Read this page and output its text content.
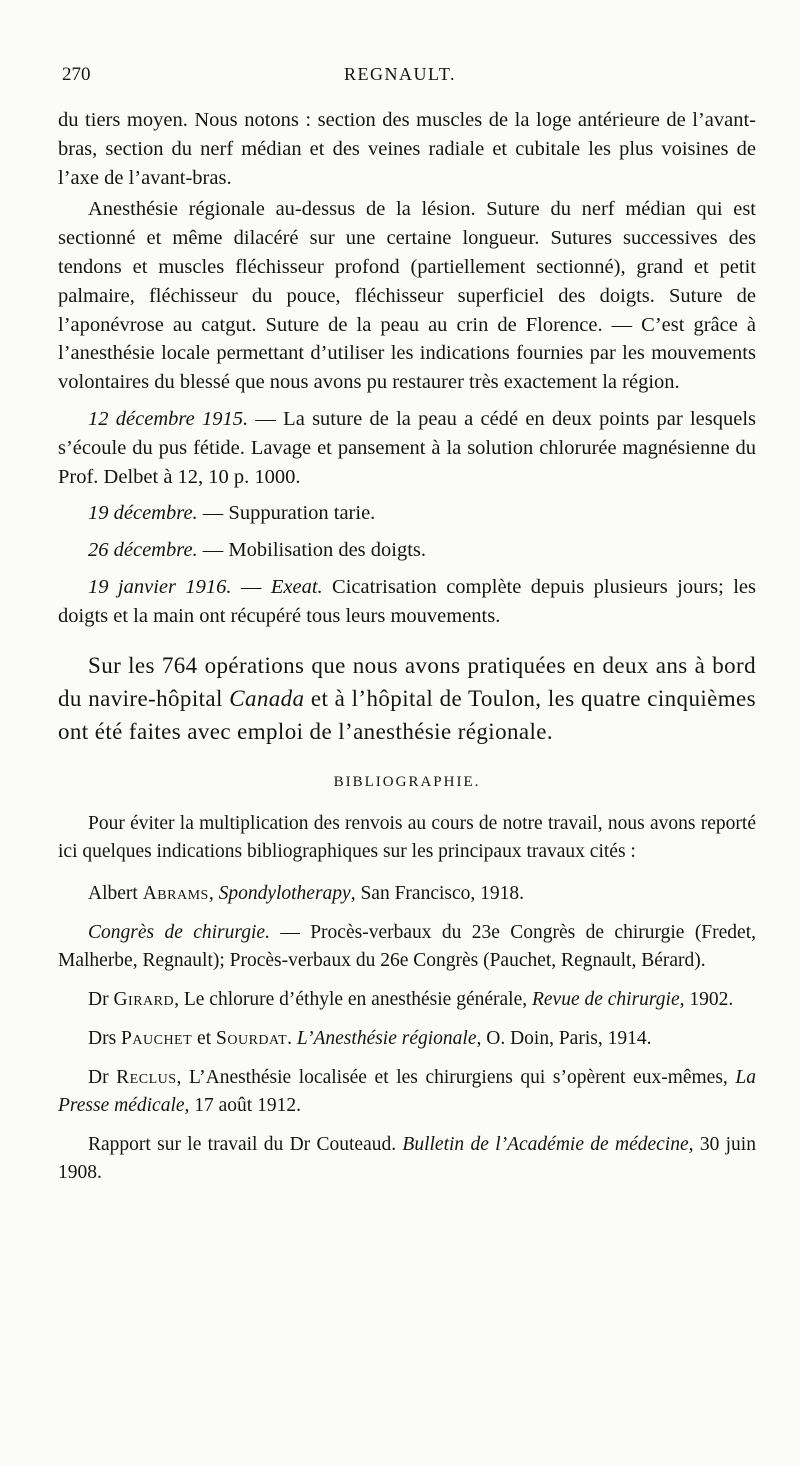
270	REGNAULT.

du tiers moyen. Nous notons : section des muscles de la loge antérieure de l’avant-bras, section du nerf médian et des veines radiale et cubitale les plus voisines de l’axe de l’avant-bras.

Anesthésie régionale au-dessus de la lésion. Suture du nerf médian qui est sectionné et même dilacéré sur une certaine longueur. Sutures successives des tendons et muscles fléchisseur profond (partiellement sectionné), grand et petit palmaire, fléchisseur du pouce, fléchisseur superficiel des doigts. Suture de l’aponévrose au catgut. Suture de la peau au crin de Florence. — C’est grâce à l’anesthésie locale permettant d’utiliser les indications fournies par les mouvements volontaires du blessé que nous avons pu restaurer très exactement la région.

12 décembre 1915. — La suture de la peau a cédé en deux points par lesquels s’écoule du pus fétide. Lavage et pansement à la solution chlorurée magnésienne du Prof. Delbet à 12, 10 p. 1000.

19 décembre. — Suppuration tarie.

26 décembre. — Mobilisation des doigts.

19 janvier 1916. — Exeat. Cicatrisation complète depuis plusieurs jours; les doigts et la main ont récupéré tous leurs mouvements.

Sur les 764 opérations que nous avons pratiquées en deux ans à bord du navire-hôpital Canada et à l’hôpital de Toulon, les quatre cinquièmes ont été faites avec emploi de l’anesthésie régionale.

BIBLIOGRAPHIE.

Pour éviter la multiplication des renvois au cours de notre travail, nous avons reporté ici quelques indications bibliographiques sur les principaux travaux cités :

Albert Abrams, Spondylotherapy, San Francisco, 1918.

Congrès de chirurgie. — Procès-verbaux du 23e Congrès de chirurgie (Fredet, Malherbe, Regnault); Procès-verbaux du 26e Congrès (Pauchet, Regnault, Bérard).

Dr Girard, Le chlorure d’éthyle en anesthésie générale, Revue de chirurgie, 1902.

Drs Pauchet et Sourdat. L’Anesthésie régionale, O. Doin, Paris, 1914.

Dr Reclus, L’Anesthésie localisée et les chirurgiens qui s’opèrent eux-mêmes, La Presse médicale, 17 août 1912.

Rapport sur le travail du Dr Couteaud. Bulletin de l’Académie de médecine, 30 juin 1908.
